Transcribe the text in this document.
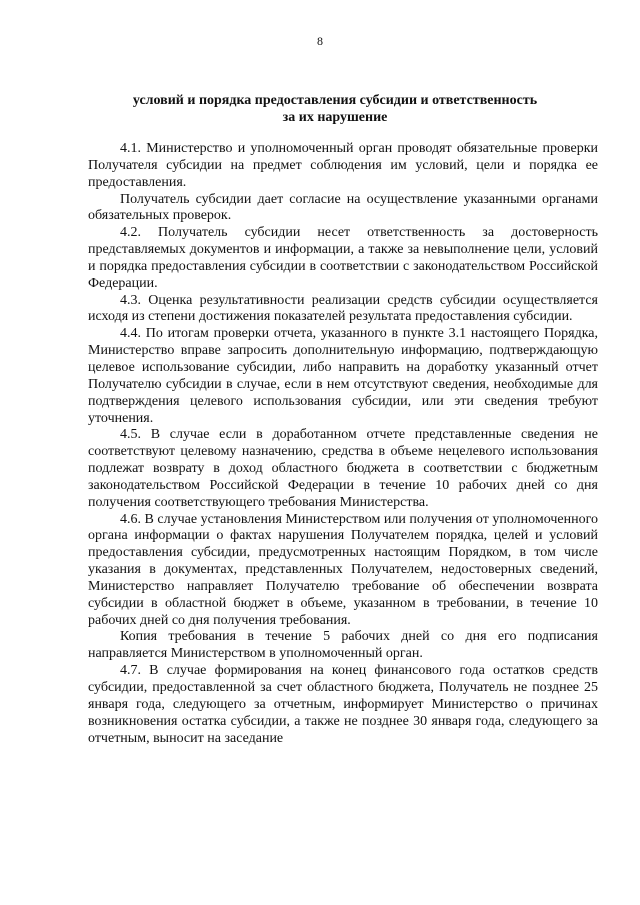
8
условий и порядка предоставления субсидии и ответственность
за их нарушение

4.1. Министерство и уполномоченный орган проводят обязательные проверки Получателя субсидии на предмет соблюдения им условий, цели и порядка ее предоставления.

Получатель субсидии дает согласие на осуществление указанными органами обязательных проверок.

4.2. Получатель субсидии несет ответственность за достоверность представляемых документов и информации, а также за невыполнение цели, условий и порядка предоставления субсидии в соответствии с законодательством Российской Федерации.

4.3. Оценка результативности реализации средств субсидии осуществляется исходя из степени достижения показателей результата предоставления субсидии.

4.4. По итогам проверки отчета, указанного в пункте 3.1 настоящего Порядка, Министерство вправе запросить дополнительную информацию, подтверждающую целевое использование субсидии, либо направить на доработку указанный отчет Получателю субсидии в случае, если в нем отсутствуют сведения, необходимые для подтверждения целевого использования субсидии, или эти сведения требуют уточнения.

4.5. В случае если в доработанном отчете представленные сведения не соответствуют целевому назначению, средства в объеме нецелевого использования подлежат возврату в доход областного бюджета в соответствии с бюджетным законодательством Российской Федерации в течение 10 рабочих дней со дня получения соответствующего требования Министерства.

4.6. В случае установления Министерством или получения от уполномоченного органа информации о фактах нарушения Получателем порядка, целей и условий предоставления субсидии, предусмотренных настоящим Порядком, в том числе указания в документах, представленных Получателем, недостоверных сведений, Министерство направляет Получателю требование об обеспечении возврата субсидии в областной бюджет в объеме, указанном в требовании, в течение 10 рабочих дней со дня получения требования.

Копия требования в течение 5 рабочих дней со дня его подписания направляется Министерством в уполномоченный орган.

4.7. В случае формирования на конец финансового года остатков средств субсидии, предоставленной за счет областного бюджета, Получатель не позднее 25 января года, следующего за отчетным, информирует Министерство о причинах возникновения остатка субсидии, а также не позднее 30 января года, следующего за отчетным, выносит на заседание
